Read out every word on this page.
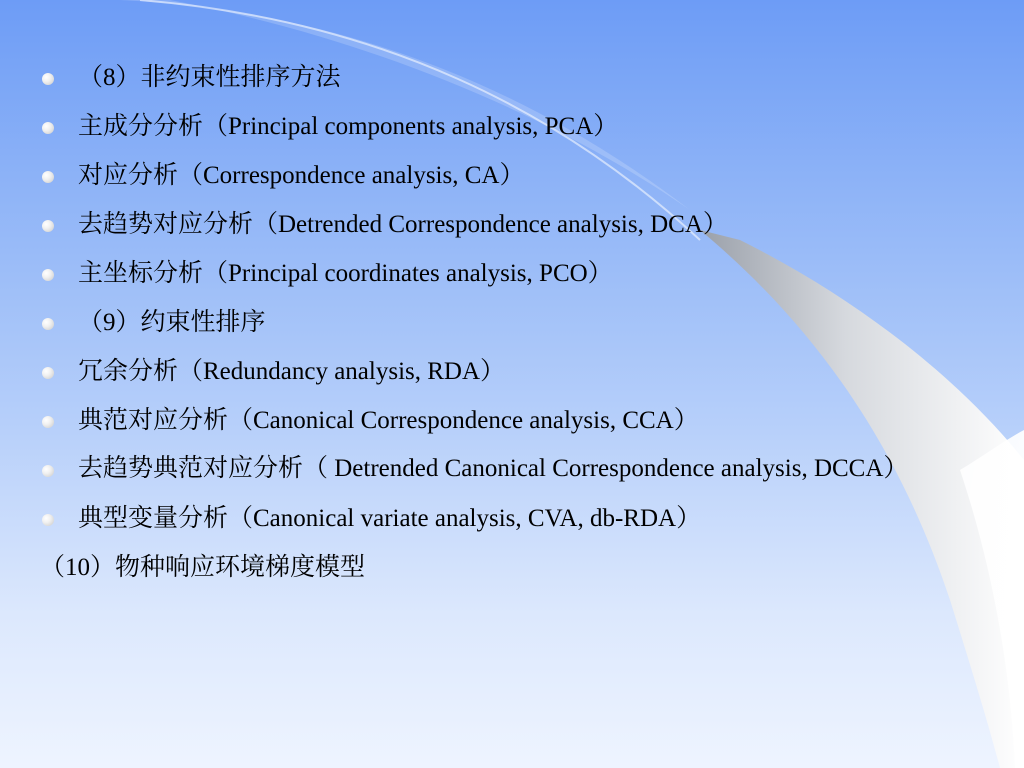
（8）非约束性排序方法
主成分分析（Principal components analysis, PCA）
对应分析（Correspondence analysis, CA）
去趋势对应分析（Detrended Correspondence analysis, DCA）
主坐标分析（Principal coordinates analysis, PCO）
（9）约束性排序
冗余分析（Redundancy analysis, RDA）
典范对应分析（Canonical Correspondence analysis, CCA）
去趋势典范对应分析（ Detrended Canonical Correspondence analysis, DCCA）
典型变量分析（Canonical variate analysis, CVA, db-RDA）
（10）物种响应环境梯度模型
